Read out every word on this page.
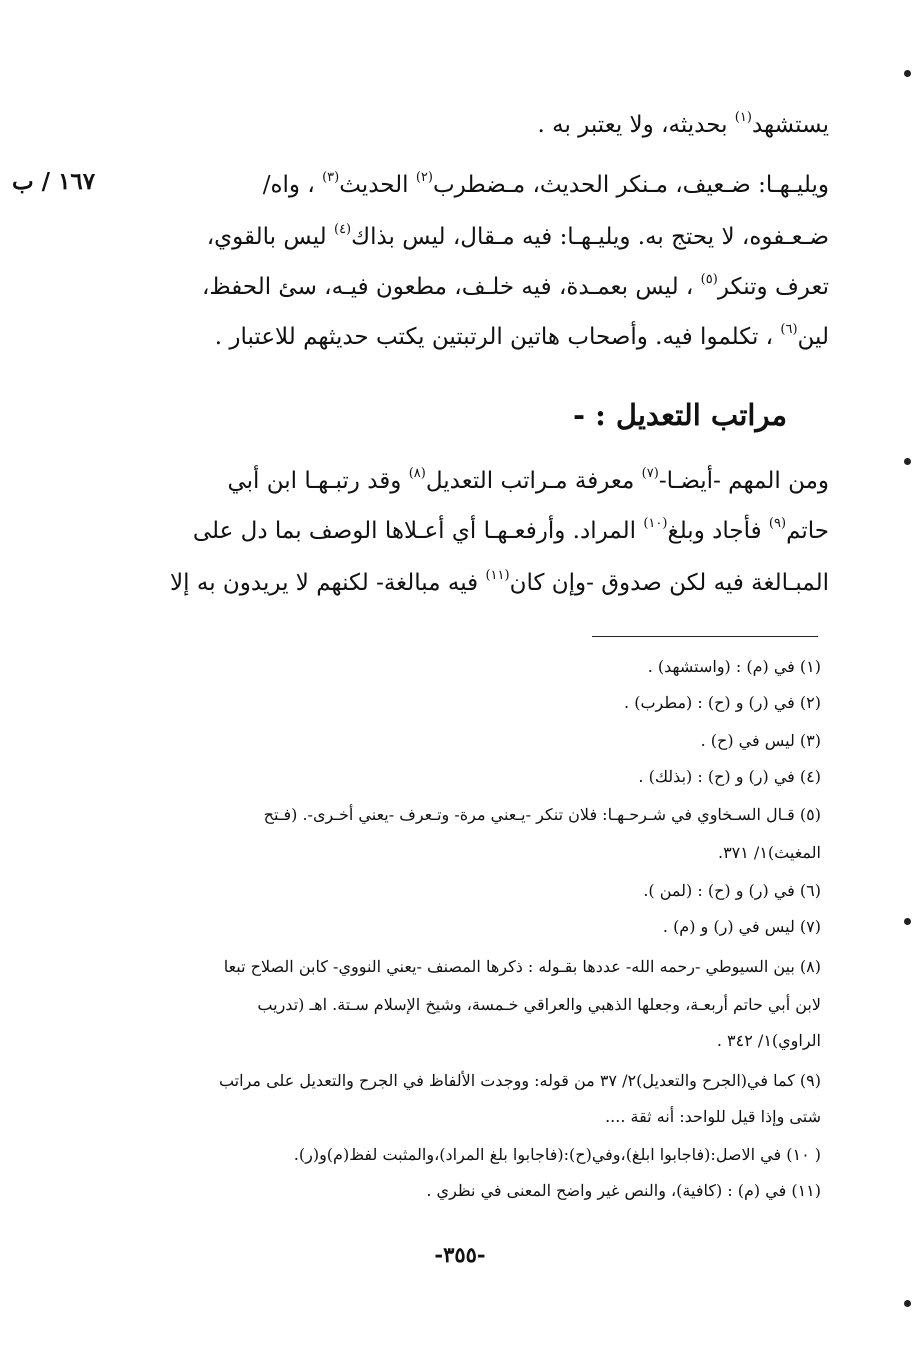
يستشهد$^{(١)}$ بحديثه، ولا يعتبر به .
١٦٧ / ب	ويليـهـا: ضـعيف، مـنكر الحديث، مـضطرب$^{(٢)}$ الحديث$^{(٣)}$ ، واه/
ضـعـفوه، لا يحتج به. ويليـهـا: فيه مـقال، ليس بذاك$^{(٤)}$ ليس بالقوي،
تعرف وتنكر$^{(٥)}$ ، ليس بعمـدة، فيه خلـف، مطعون فيـه، سئ الحفظ،
لين$^{(٦)}$ ، تكلموا فيه. وأصحاب هاتين الرتبتين يكتب حديثهم للاعتبار .
مراتب التعديل : -
ومن المهم -أيضـا-$^{(٧)}$ معرفة مـراتب التعديل$^{(٨)}$ وقد رتبـهـا ابن أبي
حاتم$^{(٩)}$ فأجاد وبلغ$^{(١٠)}$ المراد. وأرفعـهـا أي أعـلاها الوصف بما دل على
المبـالغة فيه لكن صدوق -وإن كان$^{(١١)}$ فيه مبالغة- لكنهم لا يريدون به إلا
(١) في (م) : (واستشهد) .
(٢) في (ر) و (ح) : (مطرب) .
(٣) ليس في (ح) .
(٤) في (ر) و (ح) : (بذلك) .
(٥) قـال السـخاوي في شـرحـهـا: فلان تنكر -يـعني مرة- وتـعرف -يعني أخـرى-. (فـتح
المغيث)١/ ٣٧١.
(٦) في (ر) و (ح) : (لمن ).
(٧) ليس في (ر) و (م) .
(٨) بين السيوطي -رحمه الله- عددها بقـوله : ذكرها المصنف -يعني النووي- كابن الصلاح تبعا
لابن أبي حاتم أربعـة، وجعلها الذهبي والعراقي خـمسة، وشيخ الإسلام سـتة. اهـ (تدريب
الراوي)١/ ٣٤٢ .
(٩) كما في(الجرح والتعديل)٢/ ٣٧ من قوله: ووجدت الألفاظ في الجرح والتعديل على مراتب
شتى وإذا قيل للواحد: أنه ثقة ....
( ١٠) في الاصل:(فاجابوا ابلغ)،وفي(ح):(فاجابوا بلغ المراد)،والمثبت لفظ(م)و(ر).
(١١) في (م) : (كافية)، والنص غير واضح المعنى في نظري .
-٣٥٥-
